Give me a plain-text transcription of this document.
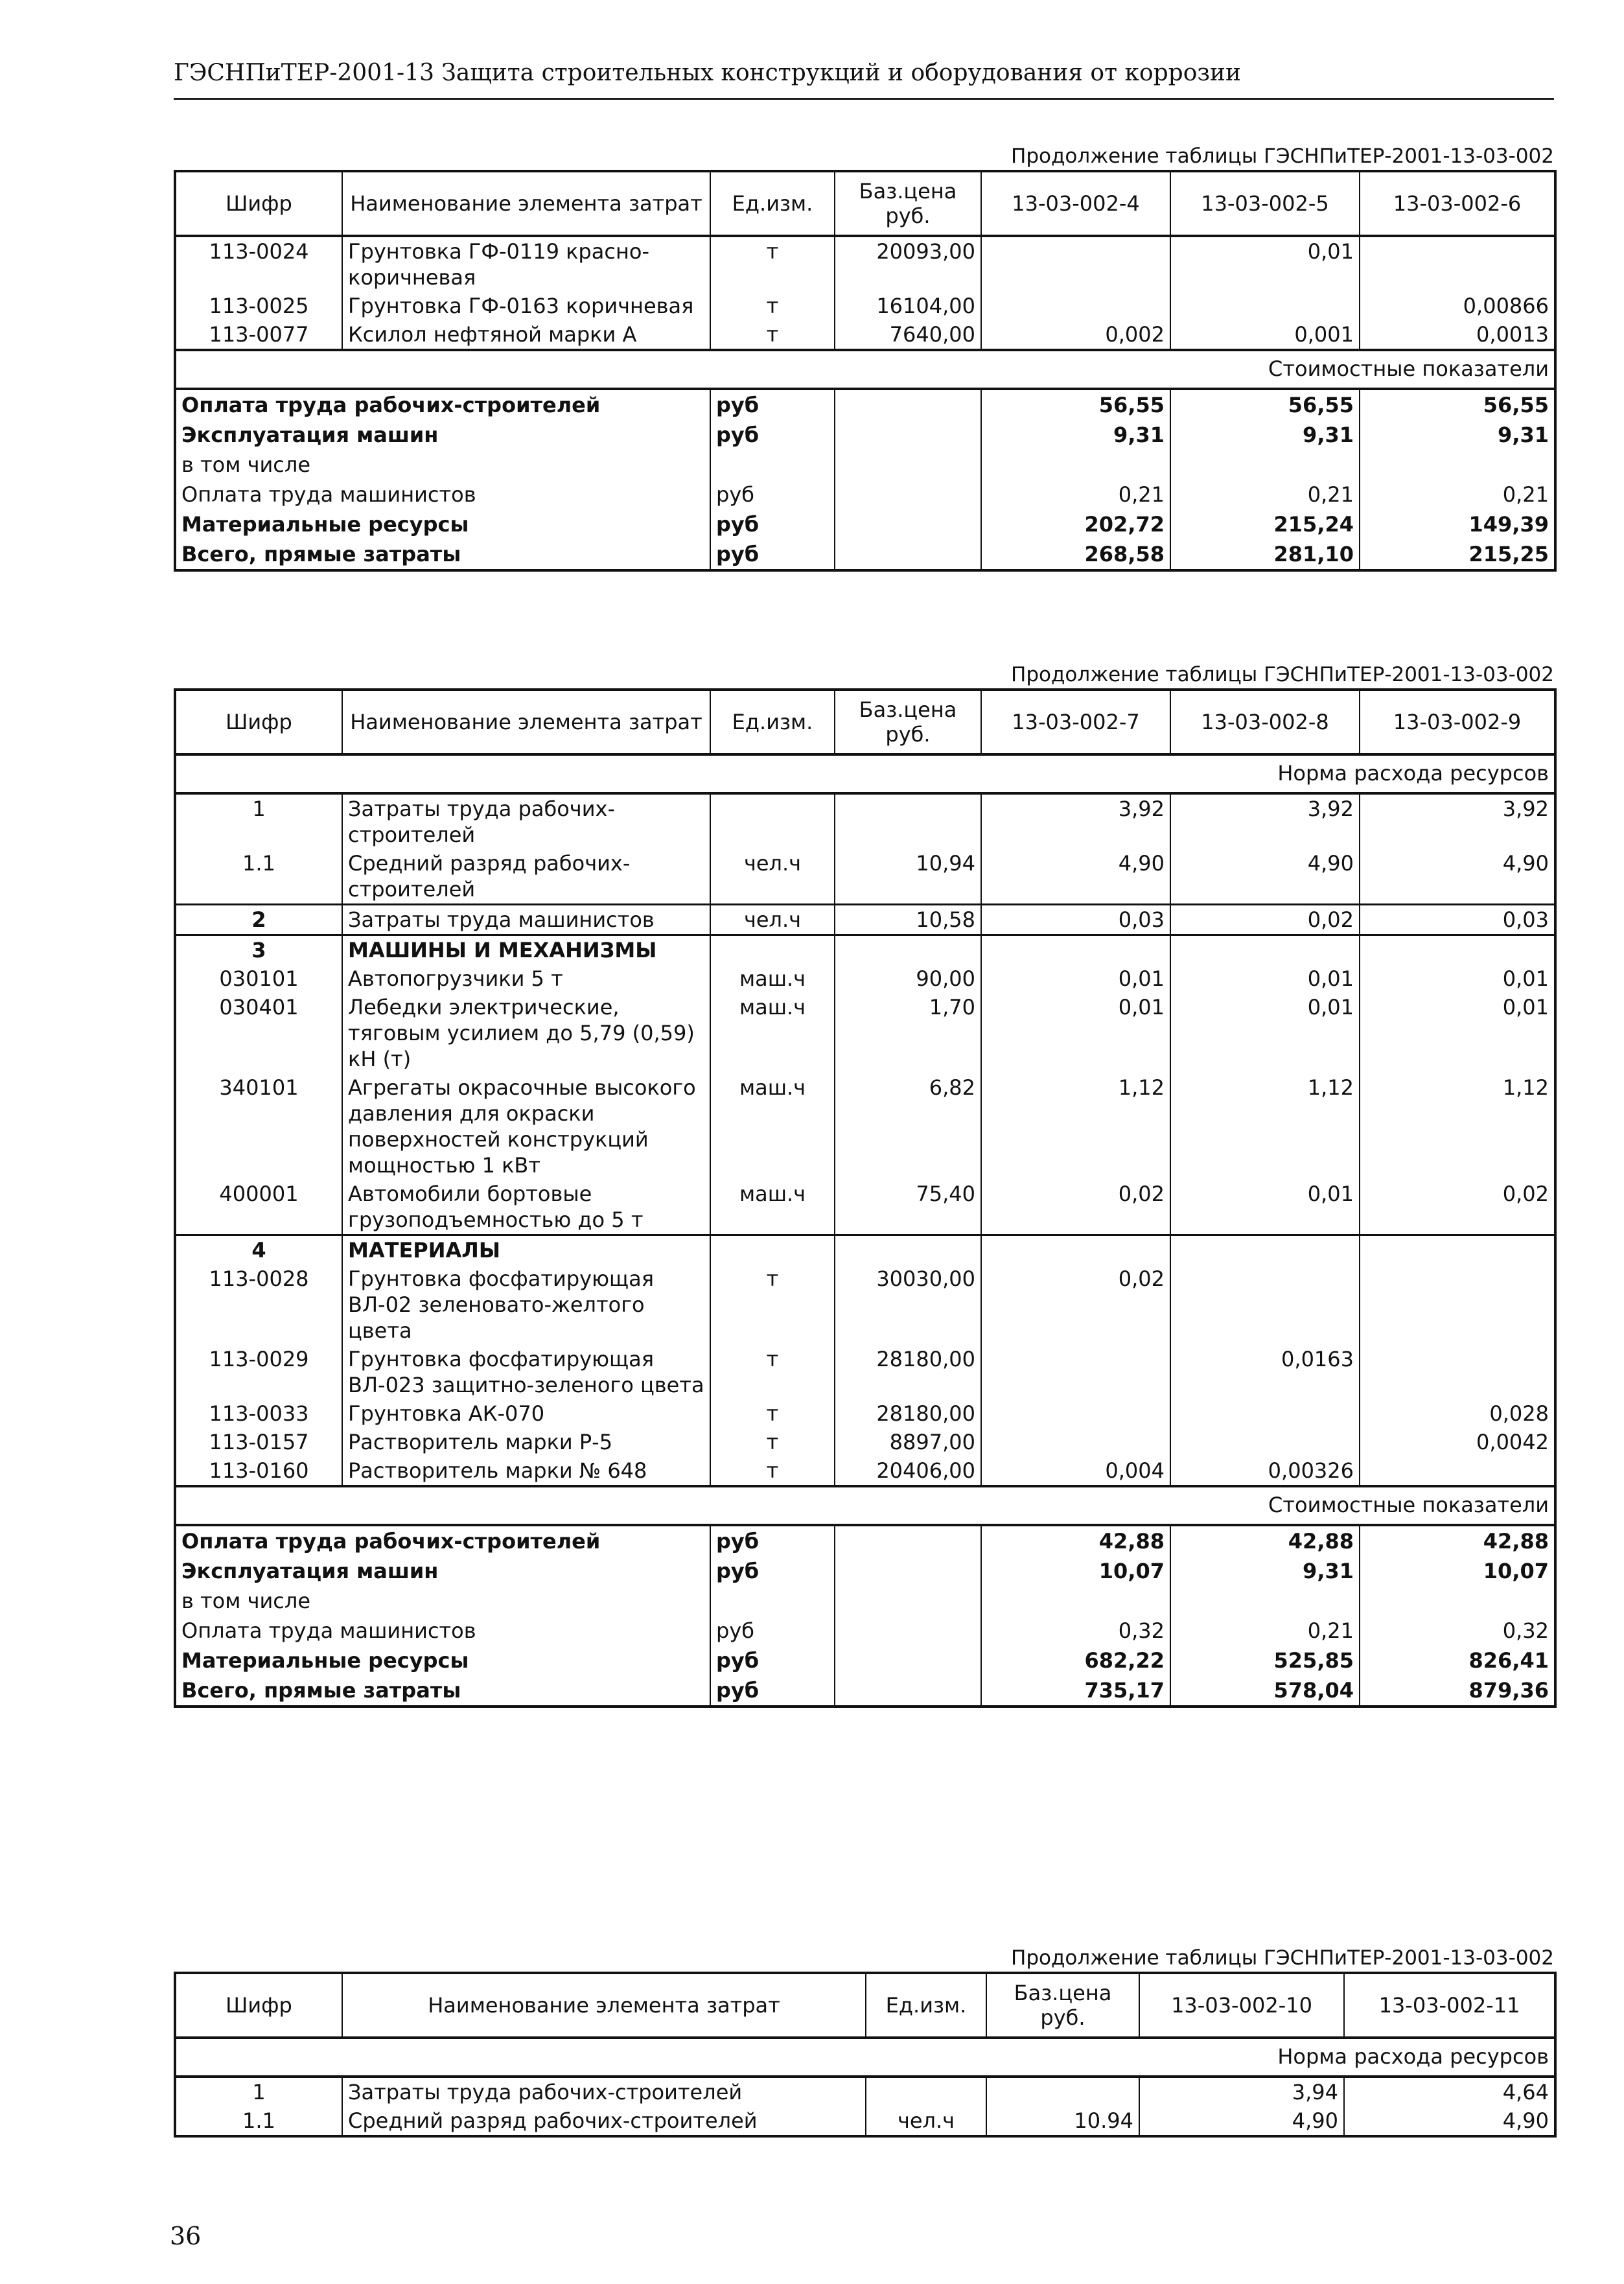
ГЭСНПиТЕР-2001-13 Защита строительных конструкций и оборудования от коррозии
Продолжение таблицы ГЭСНПиТЕР-2001-13-03-002
Шифр	Наименование элемента затрат	Ед.изм.	Баз.цена руб.	13-03-002-4	13-03-002-5	13-03-002-6
113-0024	Грунтовка ГФ-0119 красно-коричневая	т	20093,00		0,01	
113-0025	Грунтовка ГФ-0163 коричневая	т	16104,00			0,00866
113-0077	Ксилол нефтяной марки А	т	7640,00	0,002	0,001	0,0013
Стоимостные показатели						
Оплата труда рабочих-строителей		руб		56,55	56,55	56,55
Эксплуатация машин		руб		9,31	9,31	9,31
в том числе						
Оплата труда машинистов		руб		0,21	0,21	0,21
Материальные ресурсы		руб		202,72	215,24	149,39
Всего, прямые затраты		руб		268,58	281,10	215,25
Продолжение таблицы ГЭСНПиТЕР-2001-13-03-002
Шифр	Наименование элемента затрат	Ед.изм.	Баз.цена руб.	13-03-002-7	13-03-002-8	13-03-002-9
Норма расхода ресурсов						
1	Затраты труда рабочих-строителей			3,92	3,92	3,92
1.1	Средний разряд рабочих-строителей	чел.ч	10,94	4,90	4,90	4,90
2	Затраты труда машинистов	чел.ч	10,58	0,03	0,02	0,03
3	МАШИНЫ И МЕХАНИЗМЫ					
030101	Автопогрузчики 5 т	маш.ч	90,00	0,01	0,01	0,01
030401	Лебедки электрические, тяговым усилием до 5,79 (0,59) кН (т)	маш.ч	1,70	0,01	0,01	0,01
340101	Агрегаты окрасочные высокого давления для окраски поверхностей конструкций мощностью 1 кВт	маш.ч	6,82	1,12	1,12	1,12
400001	Автомобили бортовые грузоподъемностью до 5 т	маш.ч	75,40	0,02	0,01	0,02
4	МАТЕРИАЛЫ					
113-0028	Грунтовка фосфатирующая ВЛ-02 зеленовато-желтого цвета	т	30030,00	0,02		
113-0029	Грунтовка фосфатирующая ВЛ-023 защитно-зеленого цвета	т	28180,00		0,0163	
113-0033	Грунтовка АК-070	т	28180,00			0,028
113-0157	Растворитель марки Р-5	т	8897,00			0,0042
113-0160	Растворитель марки № 648	т	20406,00	0,004	0,00326	
Стоимостные показатели						
Оплата труда рабочих-строителей		руб		42,88	42,88	42,88
Эксплуатация машин		руб		10,07	9,31	10,07
в том числе						
Оплата труда машинистов		руб		0,32	0,21	0,32
Материальные ресурсы		руб		682,22	525,85	826,41
Всего, прямые затраты		руб		735,17	578,04	879,36
Продолжение таблицы ГЭСНПиТЕР-2001-13-03-002
Шифр	Наименование элемента затрат	Ед.изм.	Баз.цена руб.	13-03-002-10	13-03-002-11
Норма расхода ресурсов					
1	Затраты труда рабочих-строителей			3,94	4,64
1.1	Средний разряд рабочих-строителей	чел.ч	10.94	4,90	4,90
36
